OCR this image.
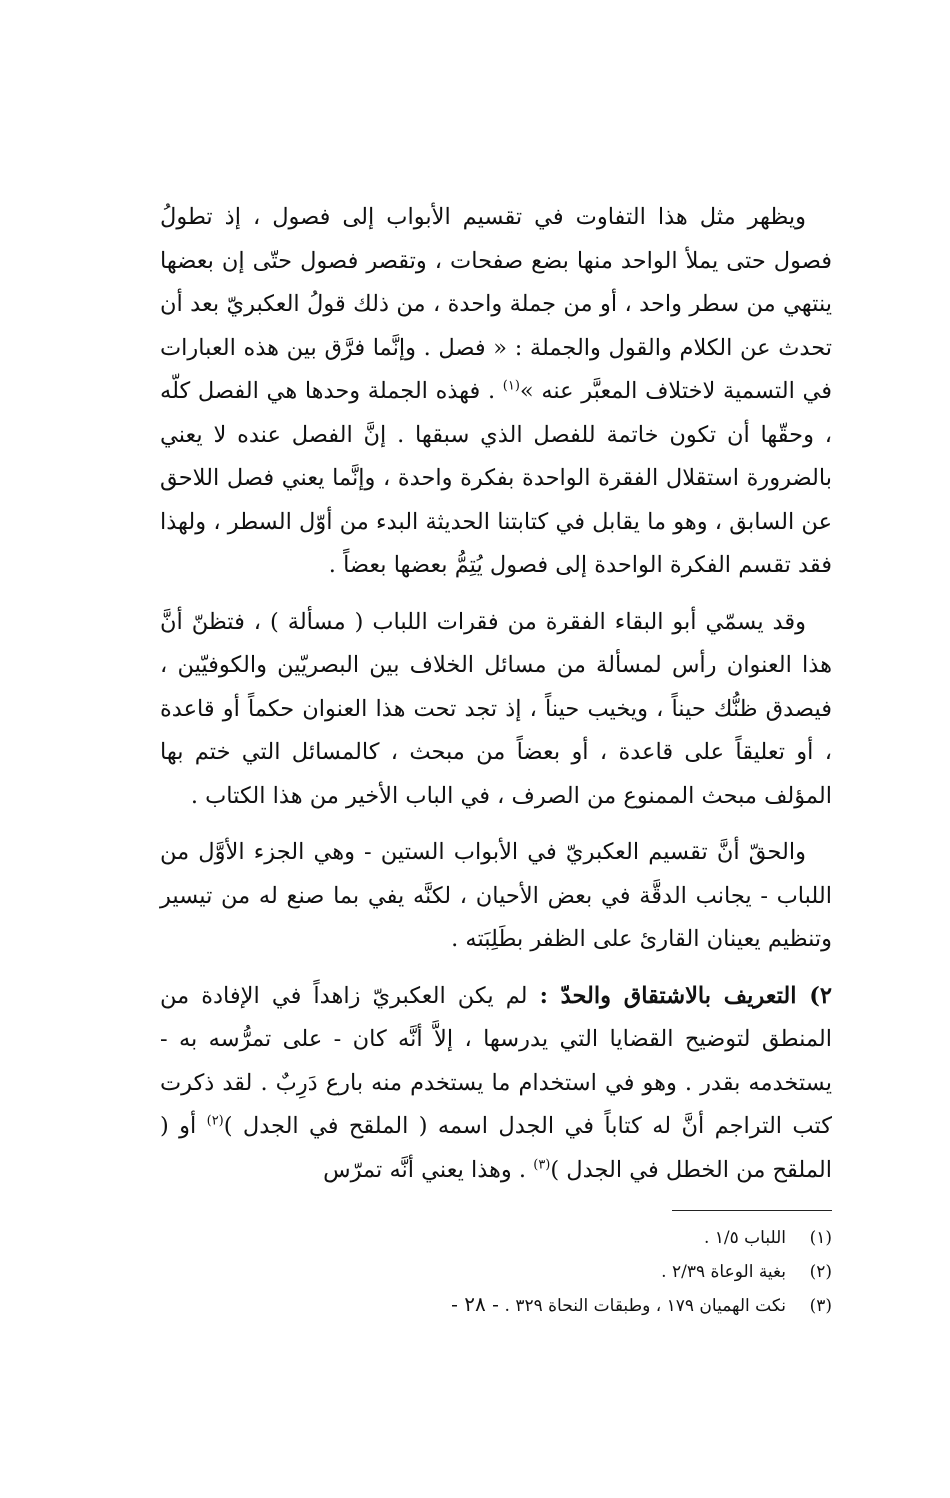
ويظهر مثل هذا التفاوت في تقسيم الأبواب إلى فصول ، إذ تطولُ فصول حتى يملأ الواحد منها بضع صفحات ، وتقصر فصول حتّى إن بعضها ينتهي من سطر واحد ، أو من جملة واحدة ، من ذلك قولُ العكبريّ بعد أن تحدث عن الكلام والقول والجملة : « فصل . وإنَّما فرَّق بين هذه العبارات في التسمية لاختلاف المعبَّر عنه »$^{(١)}$ . فهذه الجملة وحدها هي الفصل كلّه ، وحقّها أن تكون خاتمة للفصل الذي سبقها . إنَّ الفصل عنده لا يعني بالضرورة استقلال الفقرة الواحدة بفكرة واحدة ، وإنَّما يعني فصل اللاحق عن السابق ، وهو ما يقابل في كتابتنا الحديثة البدء من أوّل السطر ، ولهذا فقد تقسم الفكرة الواحدة إلى فصول يُتِمُّ بعضها بعضاً .

وقد يسمّي أبو البقاء الفقرة من فقرات اللباب ( مسألة ) ، فتظنّ أنَّ هذا العنوان رأس لمسألة من مسائل الخلاف بين البصريّين والكوفيّين ، فيصدق ظنُّك حيناً ، ويخيب حيناً ، إذ تجد تحت هذا العنوان حكماً أو قاعدة ، أو تعليقاً على قاعدة ، أو بعضاً من مبحث ، كالمسائل التي ختم بها المؤلف مبحث الممنوع من الصرف ، في الباب الأخير من هذا الكتاب .

والحقّ أنَّ تقسيم العكبريّ في الأبواب الستين - وهي الجزء الأوَّل من اللباب - يجانب الدقَّة في بعض الأحيان ، لكنَّه يفي بما صنع له من تيسير وتنظيم يعينان القارئ على الظفر بطَلِبَته .

٢) التعريف بالاشتقاق والحدّ : لم يكن العكبريّ زاهداً في الإفادة من المنطق لتوضيح القضايا التي يدرسها ، إلاَّ أنَّه كان - على تمرُّسه به - يستخدمه بقدر . وهو في استخدام ما يستخدم منه بارع دَرِبٌ . لقد ذكرت كتب التراجم أنَّ له كتاباً في الجدل اسمه ( الملقح في الجدل )$^{(٢)}$ أو ( الملقح من الخطل في الجدل )$^{(٣)}$ . وهذا يعني أنَّه تمرّس

(١)
اللباب ١/٥ .
(٢)
بغية الوعاة ٢/٣٩ .
(٣)
نكت الهميان ١٧٩ ، وطبقات النحاة ٣٢٩ .
- ٢٨ -
